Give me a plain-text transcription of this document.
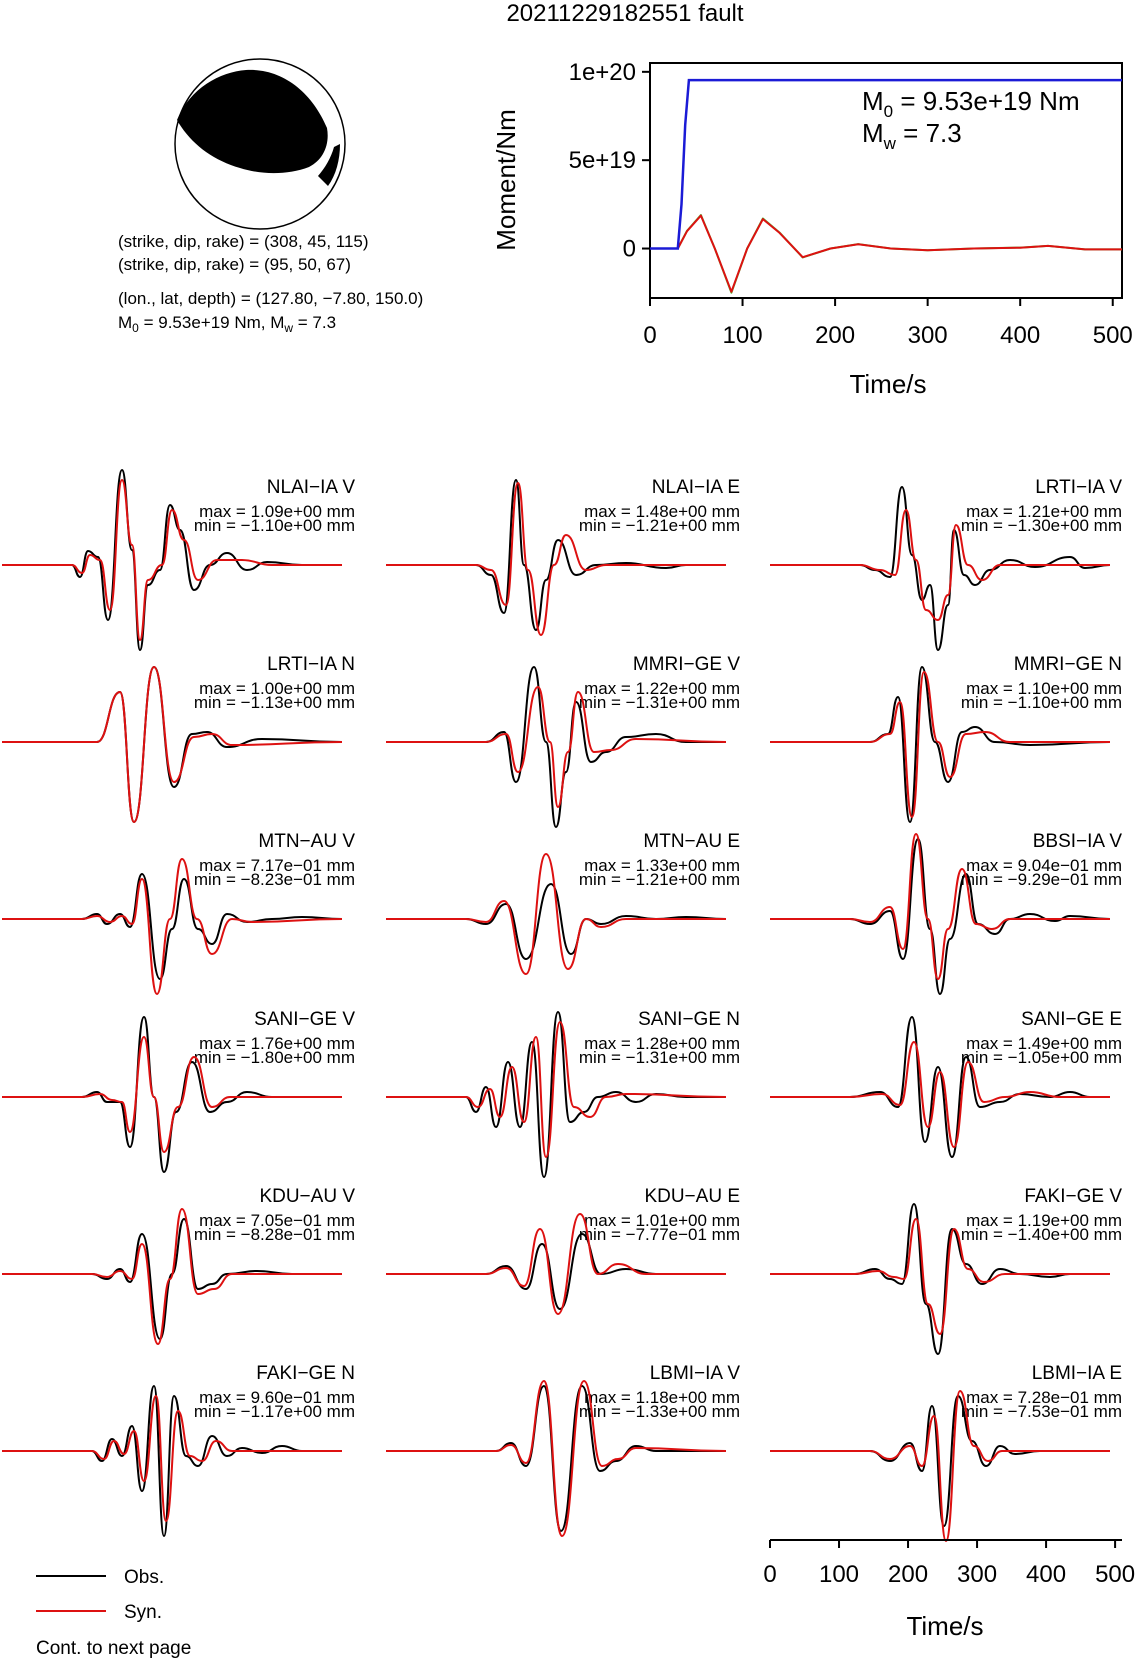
20211229182551 fault
(strike, dip, rake) = (308, 45, 115)
(strike, dip, rake) = (95, 50, 67)
(lon., lat, depth) = (127.80, −7.80, 150.0)
$M_0 = 9.53e+19$ Nm, $M_w = 7.3$
1e+20
5e+19
0
0	100 200 300 400 500
Time/s
Moment/Nm
$M_0 = 9.53e+19$ Nm
$M_w = 7.3$
NLAI−IA V
max = 1.09e+00 mm
min = −1.10e+00 mm
NLAI−IA E
max = 1.48e+00 mm
min = −1.21e+00 mm
LRTI−IA V
max = 1.21e+00 mm
min = −1.30e+00 mm
LRTI−IA N
max = 1.00e+00 mm
min = −1.13e+00 mm
MMRI−GE V
max = 1.22e+00 mm
min = −1.31e+00 mm
MMRI−GE N
max = 1.10e+00 mm
min = −1.10e+00 mm
MTN−AU V
max = 7.17e−01 mm
min = −8.23e−01 mm
MTN−AU E
max = 1.33e+00 mm
min = −1.21e+00 mm
BBSI−IA V
max = 9.04e−01 mm
min = −9.29e−01 mm
SANI−GE V
max = 1.76e+00 mm
min = −1.80e+00 mm
SANI−GE N
max = 1.28e+00 mm
min = −1.31e+00 mm
SANI−GE E
max = 1.49e+00 mm
min = −1.05e+00 mm
KDU−AU V
max = 7.05e−01 mm
min = −8.28e−01 mm
KDU−AU E
max = 1.01e+00 mm
min = −7.77e−01 mm
FAKI−GE V
max = 1.19e+00 mm
min = −1.40e+00 mm
FAKI−GE N
max = 9.60e−01 mm
min = −1.17e+00 mm
LBMI−IA V
max = 1.18e+00 mm
min = −1.33e+00 mm
LBMI−IA E
max = 7.28e−01 mm
min = −7.53e−01 mm
Time/s
0 100 200 300 400 500
Obs.
Syn.
Cont. to next page
